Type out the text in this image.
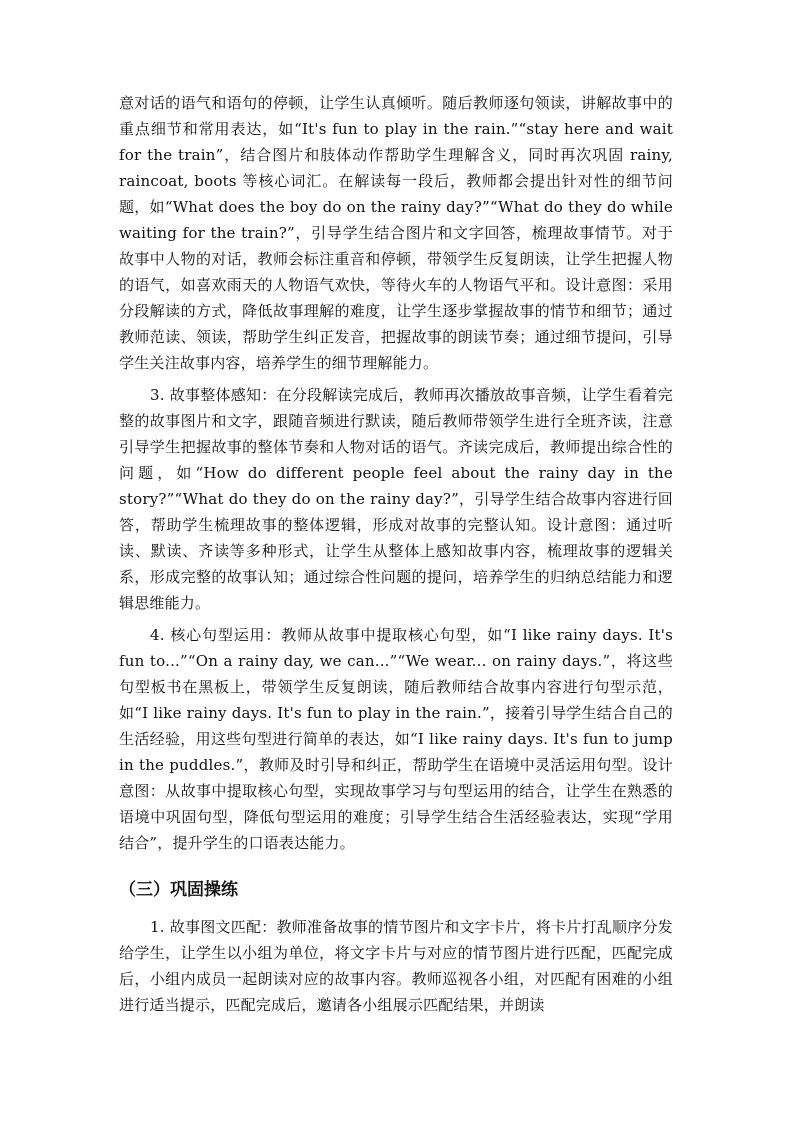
意对话的语气和语句的停顿，让学生认真倾听。随后教师逐句领读，讲解故事中的重点细节和常用表达，如“It's fun to play in the rain.”“stay here and wait for the train”，结合图片和肢体动作帮助学生理解含义，同时再次巩固 rainy, raincoat, boots 等核心词汇。在解读每一段后，教师都会提出针对性的细节问题，如“What does the boy do on the rainy day?”“What do they do while waiting for the train?”，引导学生结合图片和文字回答，梳理故事情节。对于故事中人物的对话，教师会标注重音和停顿，带领学生反复朗读，让学生把握人物的语气，如喜欢雨天的人物语气欢快，等待火车的人物语气平和。设计意图：采用分段解读的方式，降低故事理解的难度，让学生逐步掌握故事的情节和细节；通过教师范读、领读，帮助学生纠正发音，把握故事的朗读节奏；通过细节提问，引导学生关注故事内容，培养学生的细节理解能力。

3. 故事整体感知：在分段解读完成后，教师再次播放故事音频，让学生看着完整的故事图片和文字，跟随音频进行默读，随后教师带领学生进行全班齐读，注意引导学生把握故事的整体节奏和人物对话的语气。齐读完成后，教师提出综合性的问题，如“How do different people feel about the rainy day in the story?”“What do they do on the rainy day?”，引导学生结合故事内容进行回答，帮助学生梳理故事的整体逻辑，形成对故事的完整认知。设计意图：通过听读、默读、齐读等多种形式，让学生从整体上感知故事内容，梳理故事的逻辑关系，形成完整的故事认知；通过综合性问题的提问，培养学生的归纳总结能力和逻辑思维能力。

4. 核心句型运用：教师从故事中提取核心句型，如“I like rainy days. It's fun to...”“On a rainy day, we can...”“We wear... on rainy days.”，将这些句型板书在黑板上，带领学生反复朗读，随后教师结合故事内容进行句型示范，如“I like rainy days. It's fun to play in the rain.”，接着引导学生结合自己的生活经验，用这些句型进行简单的表达，如“I like rainy days. It's fun to jump in the puddles.”，教师及时引导和纠正，帮助学生在语境中灵活运用句型。设计意图：从故事中提取核心句型，实现故事学习与句型运用的结合，让学生在熟悉的语境中巩固句型，降低句型运用的难度；引导学生结合生活经验表达，实现“学用结合”，提升学生的口语表达能力。

（三）巩固操练

1. 故事图文匹配：教师准备故事的情节图片和文字卡片，将卡片打乱顺序分发给学生，让学生以小组为单位，将文字卡片与对应的情节图片进行匹配，匹配完成后，小组内成员一起朗读对应的故事内容。教师巡视各小组，对匹配有困难的小组进行适当提示，匹配完成后，邀请各小组展示匹配结果，并朗读
